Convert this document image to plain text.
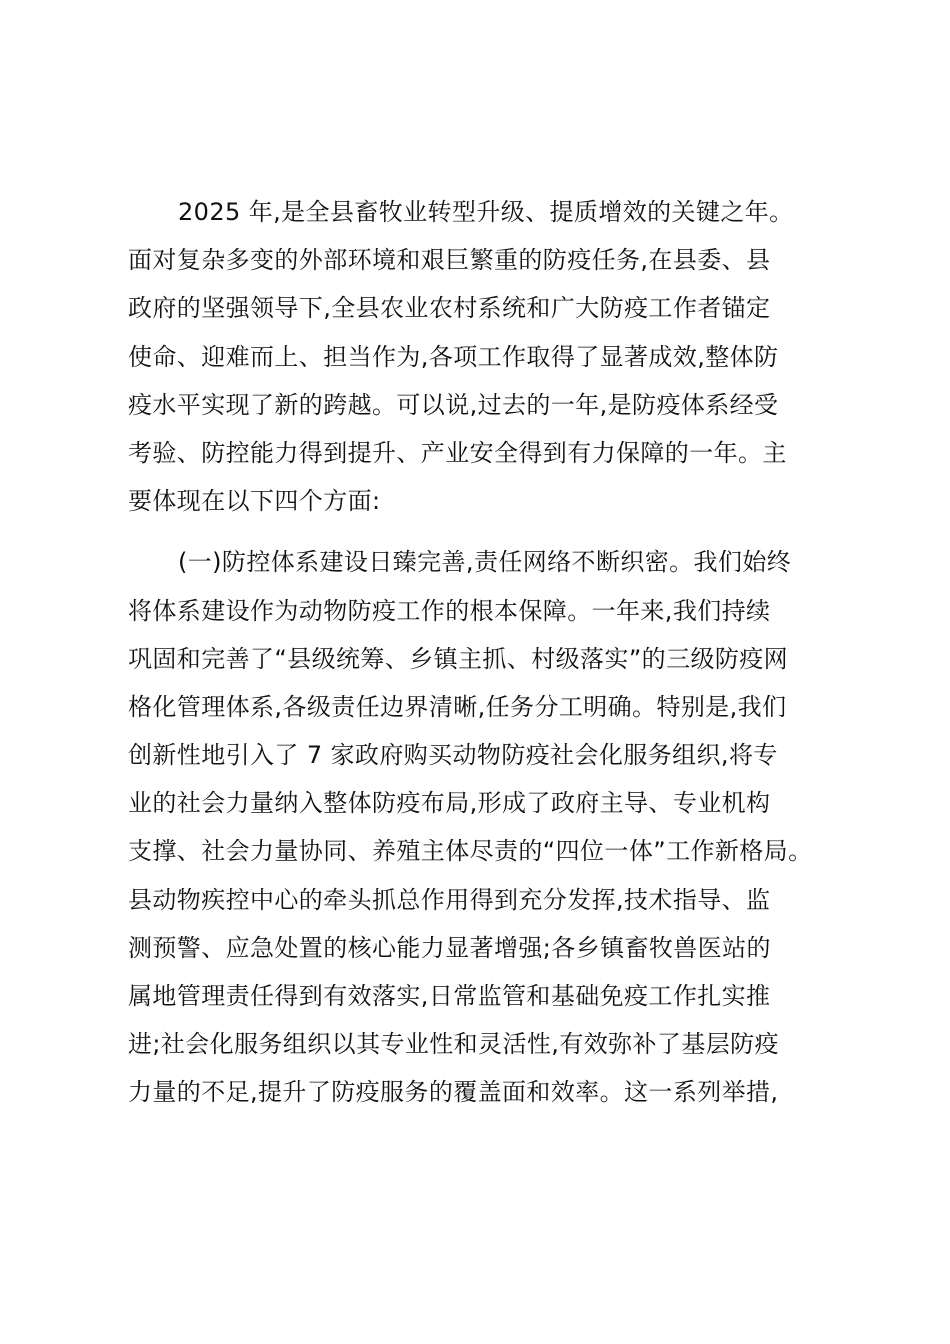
2025 年,是全县畜牧业转型升级、提质增效的关键之年。
面对复杂多变的外部环境和艰巨繁重的防疫任务,在县委、县
政府的坚强领导下,全县农业农村系统和广大防疫工作者锚定
使命、迎难而上、担当作为,各项工作取得了显著成效,整体防
疫水平实现了新的跨越。可以说,过去的一年,是防疫体系经受
考验、防控能力得到提升、产业安全得到有力保障的一年。主
要体现在以下四个方面:

(一)防控体系建设日臻完善,责任网络不断织密。我们始终
将体系建设作为动物防疫工作的根本保障。一年来,我们持续
巩固和完善了“县级统筹、乡镇主抓、村级落实”的三级防疫网
格化管理体系,各级责任边界清晰,任务分工明确。特别是,我们
创新性地引入了 7 家政府购买动物防疫社会化服务组织,将专
业的社会力量纳入整体防疫布局,形成了政府主导、专业机构
支撑、社会力量协同、养殖主体尽责的“四位一体”工作新格局。
县动物疾控中心的牵头抓总作用得到充分发挥,技术指导、监
测预警、应急处置的核心能力显著增强;各乡镇畜牧兽医站的
属地管理责任得到有效落实,日常监管和基础免疫工作扎实推
进;社会化服务组织以其专业性和灵活性,有效弥补了基层防疫
力量的不足,提升了防疫服务的覆盖面和效率。这一系列举措,
